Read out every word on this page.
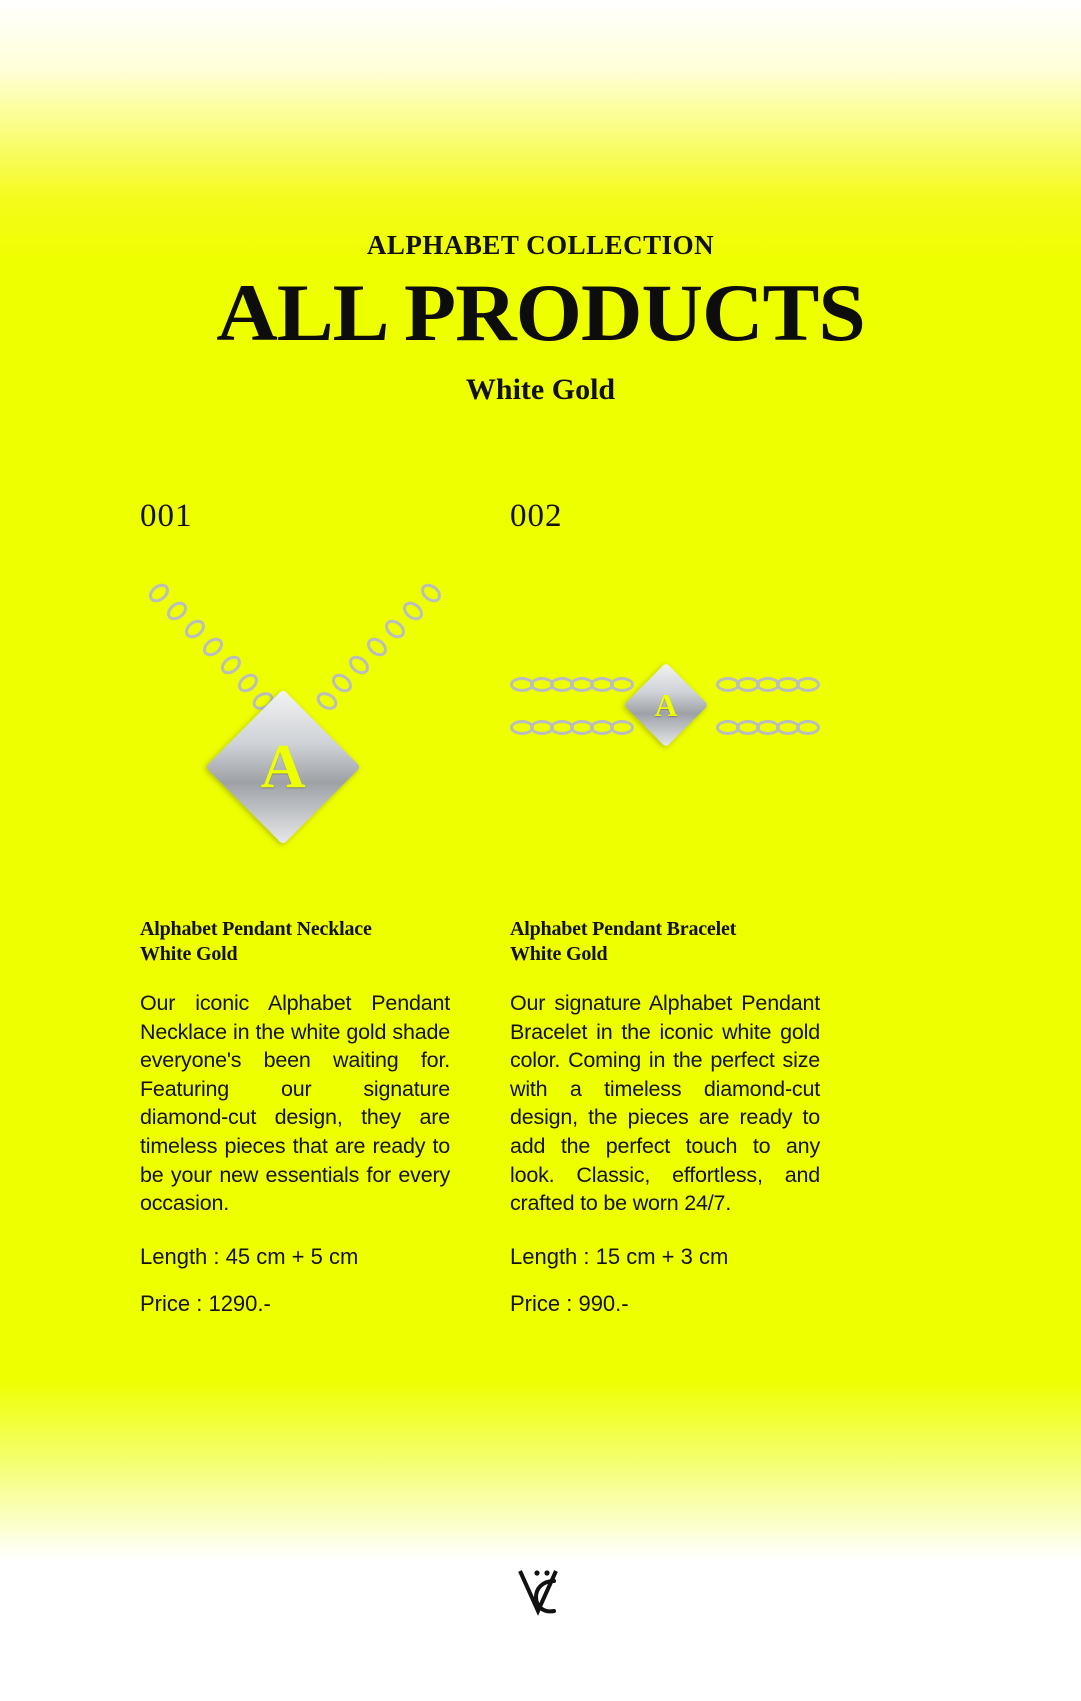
ALPHABET COLLECTION
ALL PRODUCTS
White Gold
001
A
Alphabet Pendant Necklace
White Gold
Our iconic Alphabet Pendant Necklace in the white gold shade everyone's been waiting for. Featuring our signature diamond-cut design, they are timeless pieces that are ready to be your new essentials for every occasion.
Length : 45 cm + 5 cm
Price : 1290.-
002
A
Alphabet Pendant Bracelet
White Gold
Our signature Alphabet Pendant Bracelet in the iconic white gold color. Coming in the perfect size with a timeless diamond-cut design, the pieces are ready to add the perfect touch to any look. Classic, effortless, and crafted to be worn 24/7.
Length : 15 cm + 3 cm
Price : 990.-
